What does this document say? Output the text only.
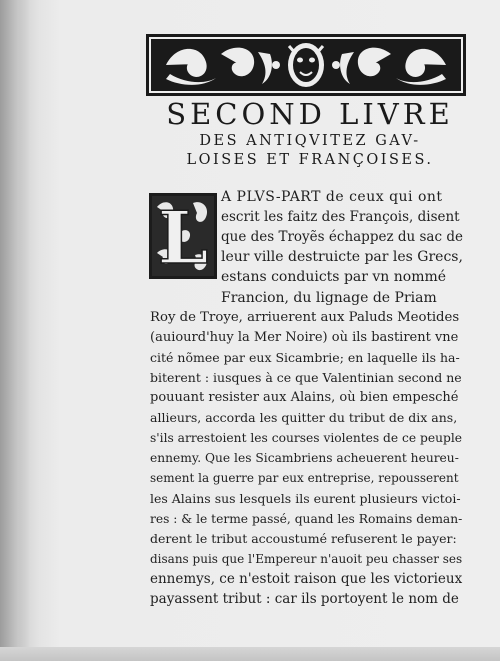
SECOND LIVRE
DES ANTIQVITEZ GAV-
LOISES ET FRANÇOISES.
L A PLVS-PART de ceux qui ont
escrit les faitz des François, disent
que des Troyẽs échappez du sac de
leur ville destruicte par les Grecs,
estans conduicts par vn nommé
Francion, du lignage de Priam
Roy de Troye, arriuerent aux Paluds Meotides
(auiourd'huy la Mer Noire) où ils bastirent vne
cité nõmee par eux Sicambrie; en laquelle ils ha-
biterent : iusques à ce que Valentinian second ne
pouuant resister aux Alains, où bien empesché
allieurs, accorda les quitter du tribut de dix ans,
s'ils arrestoient les courses violentes de ce peuple
ennemy. Que les Sicambriens acheuerent heureu-
sement la guerre par eux entreprise, repousserent
les Alains sus lesquels ils eurent plusieurs victoi-
res : & le terme passé, quand les Romains deman-
derent le tribut accoustumé refuserent le payer:
disans puis que l'Empereur n'auoit peu chasser ses
ennemys, ce n'estoit raison que les victorieux
payassent tribut : car ils portoyent le nom de
